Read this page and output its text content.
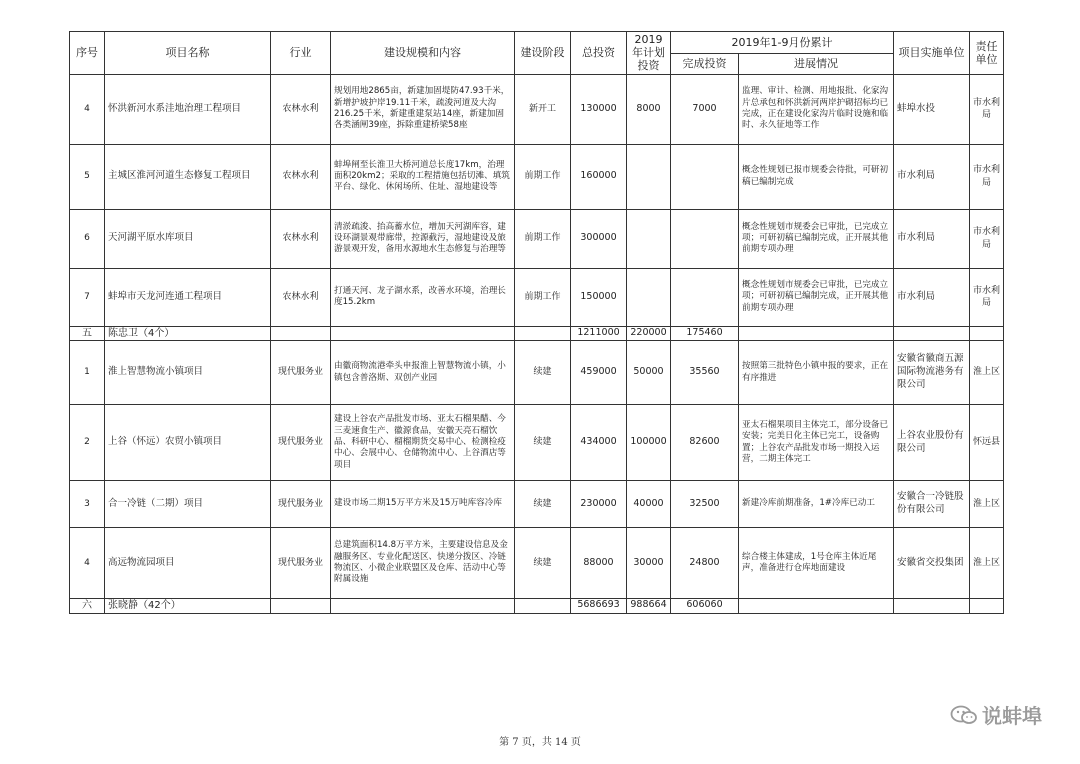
序号	项目名称	行业	建设规模和内容	建设阶段	总投资	2019年计划投资	2019年1-9月份累计		项目实施单位	责任单位
							完成投资	进展情况		
4	怀洪新河水系洼地治理工程项目	农林水利	规划用地2865亩，新建加固堤防47.93千米，新增护坡护岸19.11千米，疏浚河道及大沟216.25千米，新建重建泵站14座，新建加固各类涵闸39座，拆除重建桥梁58座	新开工	130000	8000	7000	监理、审计、检测、用地报批、化家沟片总承包和怀洪新河两岸护砌招标均已完成，正在建设化家沟片临时设施和临时、永久征地等工作	蚌埠水投	市水利局
5	主城区淮河河道生态修复工程项目	农林水利	蚌埠闸至长淮卫大桥河道总长度17km，治理面积20km2；采取的工程措施包括切滩、填筑平台、绿化、休闲场所、住址、湿地建设等	前期工作	160000			概念性规划已报市规委会待批，可研初稿已编制完成	市水利局	市水利局
6	天河湖平原水库项目	农林水利	清淤疏浚、抬高蓄水位，增加天河湖库容，建设环湖景观带廊带，控源截污，湿地建设及旅游景观开发，备用水源地水生态修复与治理等	前期工作	300000			概念性规划市规委会已审批，已完成立项；可研初稿已编制完成，正开展其他前期专项办理	市水利局	市水利局
7	蚌埠市天龙河连通工程项目	农林水利	打通天河、龙子湖水系，改善水环境，治理长度15.2km	前期工作	150000			概念性规划市规委会已审批，已完成立项；可研初稿已编制完成，正开展其他前期专项办理	市水利局	市水利局
五	陈忠卫（4个）				1211000	220000	175460			
1	淮上智慧物流小镇项目	现代服务业	由徽商物流港牵头申报淮上智慧物流小镇，小镇包含普洛斯、双创产业园	续建	459000	50000	35560	按照第三批特色小镇申报的要求，正在有序推进	安徽省徽商五源国际物流港务有限公司	淮上区
2	上谷（怀远）农贸小镇项目	现代服务业	建设上谷农产品批发市场、亚太石榴果醋、今三麦速食生产、徽源食品，安徽天亮石榴饮品、科研中心、榴榴期货交易中心、检测检疫中心、会展中心、仓储物流中心、上谷酒店等项目	续建	434000	100000	82600	亚太石榴果项目主体完工，部分设备已安装；完美日化主体已完工，设备购置；上谷农产品批发市场一期投入运营，二期主体完工	上谷农业股份有限公司	怀远县
3	合一冷链（二期）项目	现代服务业	建设市场二期15万平方米及15万吨库容冷库	续建	230000	40000	32500	新建冷库前期准备，1#冷库已动工	安徽合一冷链股份有限公司	淮上区
4	高远物流园项目	现代服务业	总建筑面积14.8万平方米，主要建设信息及金融服务区、专业化配送区、快递分拨区、冷链物流区、小微企业联盟区及仓库、活动中心等附属设施	续建	88000	30000	24800	综合楼主体建成，1号仓库主体近尾声，准备进行仓库地面建设	安徽省交投集团	淮上区
六	张晓静（42个）				5686693	988664	606060			
说蚌埠
第 7 页，共 14 页
